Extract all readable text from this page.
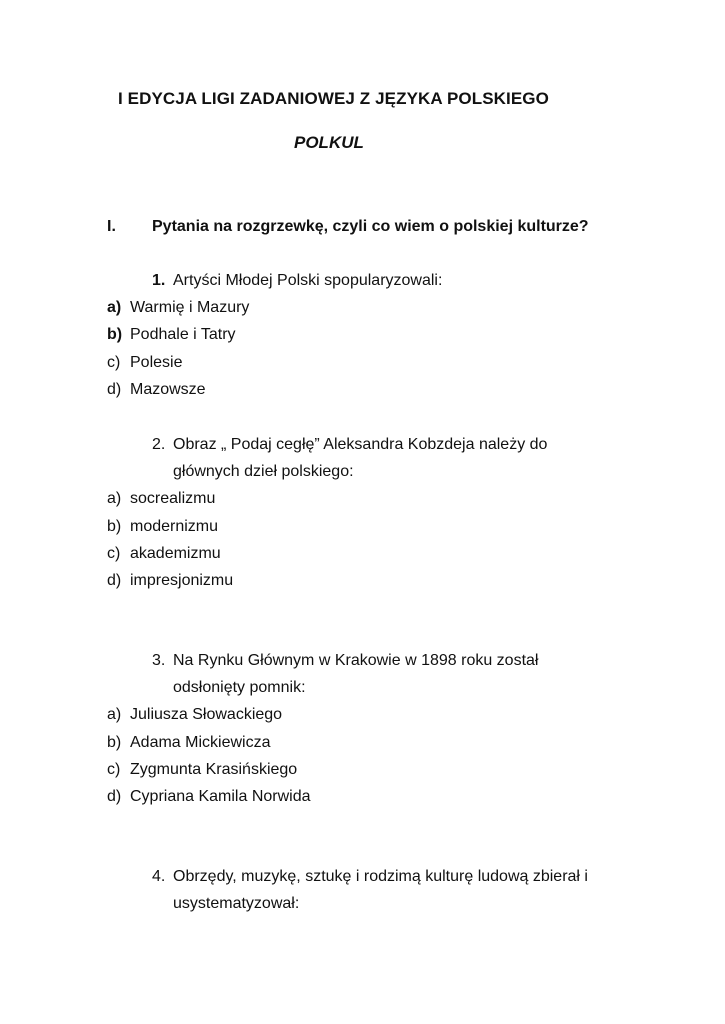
I EDYCJA LIGI ZADANIOWEJ Z JĘZYKA POLSKIEGO
POLKUL
I. Pytania na rozgrzewkę, czyli co wiem o polskiej kulturze?
1. Artyści Młodej Polski spopularyzowali:
a) Warmię i Mazury
b) Podhale i Tatry
c) Polesie
d) Mazowsze
2. Obraz „ Podaj cegłę” Aleksandra Kobzdeja należy do
głównych dzieł polskiego:
a) socrealizmu
b) modernizmu
c) akademizmu
d) impresjonizmu
3. Na Rynku Głównym w Krakowie w 1898 roku został
odsłonięty pomnik:
a) Juliusza Słowackiego
b) Adama Mickiewicza
c) Zygmunta Krasińskiego
d) Cypriana Kamila Norwida
4. Obrzędy, muzykę, sztukę i rodzimą kulturę ludową zbierał i
usystematyzował:
